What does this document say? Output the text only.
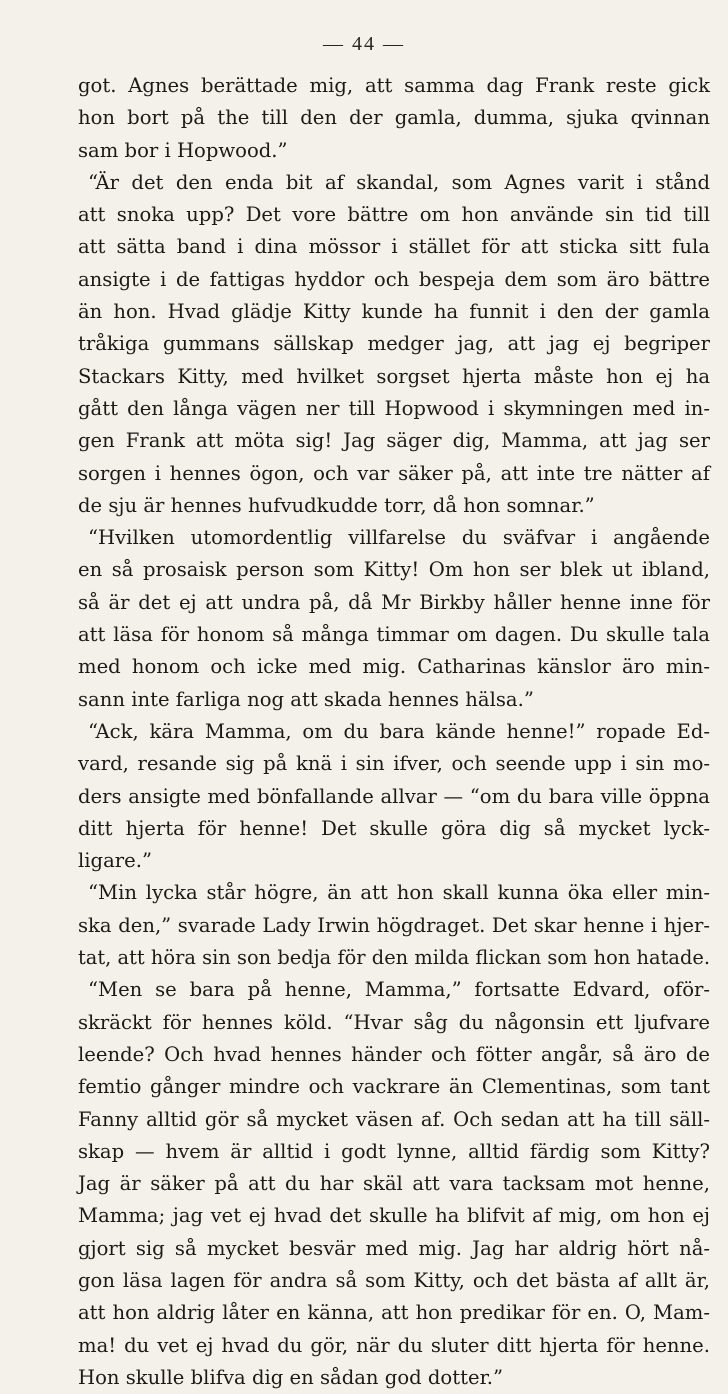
— 44 —
got. Agnes berättade mig, att samma dag Frank reste gick
hon bort på the till den der gamla, dumma, sjuka qvinnan
sam bor i Hopwood.”
“Är det den enda bit af skandal, som Agnes varit i stånd
att snoka upp? Det vore bättre om hon använde sin tid till
att sätta band i dina mössor i stället för att sticka sitt fula
ansigte i de fattigas hyddor och bespeja dem som äro bättre
än hon. Hvad glädje Kitty kunde ha funnit i den der gamla
tråkiga gummans sällskap medger jag, att jag ej begriper
Stackars Kitty, med hvilket sorgset hjerta måste hon ej ha
gått den långa vägen ner till Hopwood i skymningen med in-
gen Frank att möta sig! Jag säger dig, Mamma, att jag ser
sorgen i hennes ögon, och var säker på, att inte tre nätter af
de sju är hennes hufvudkudde torr, då hon somnar.”
“Hvilken utomordentlig villfarelse du sväfvar i angående
en så prosaisk person som Kitty! Om hon ser blek ut ibland,
så är det ej att undra på, då Mr Birkby håller henne inne för
att läsa för honom så många timmar om dagen. Du skulle tala
med honom och icke med mig. Catharinas känslor äro min-
sann inte farliga nog att skada hennes hälsa.”
“Ack, kära Mamma, om du bara kände henne!” ropade Ed-
vard, resande sig på knä i sin ifver, och seende upp i sin mo-
ders ansigte med bönfallande allvar — “om du bara ville öppna
ditt hjerta för henne! Det skulle göra dig så mycket lyck-
ligare.”
“Min lycka står högre, än att hon skall kunna öka eller min-
ska den,” svarade Lady Irwin högdraget. Det skar henne i hjer-
tat, att höra sin son bedja för den milda flickan som hon hatade.
“Men se bara på henne, Mamma,” fortsatte Edvard, oför-
skräckt för hennes köld. “Hvar såg du någonsin ett ljufvare
leende? Och hvad hennes händer och fötter angår, så äro de
femtio gånger mindre och vackrare än Clementinas, som tant
Fanny alltid gör så mycket väsen af. Och sedan att ha till säll-
skap — hvem är alltid i godt lynne, alltid färdig som Kitty?
Jag är säker på att du har skäl att vara tacksam mot henne,
Mamma; jag vet ej hvad det skulle ha blifvit af mig, om hon ej
gjort sig så mycket besvär med mig. Jag har aldrig hört nå-
gon läsa lagen för andra så som Kitty, och det bästa af allt är,
att hon aldrig låter en känna, att hon predikar för en. O, Mam-
ma! du vet ej hvad du gör, när du sluter ditt hjerta för henne.
Hon skulle blifva dig en sådan god dotter.”
